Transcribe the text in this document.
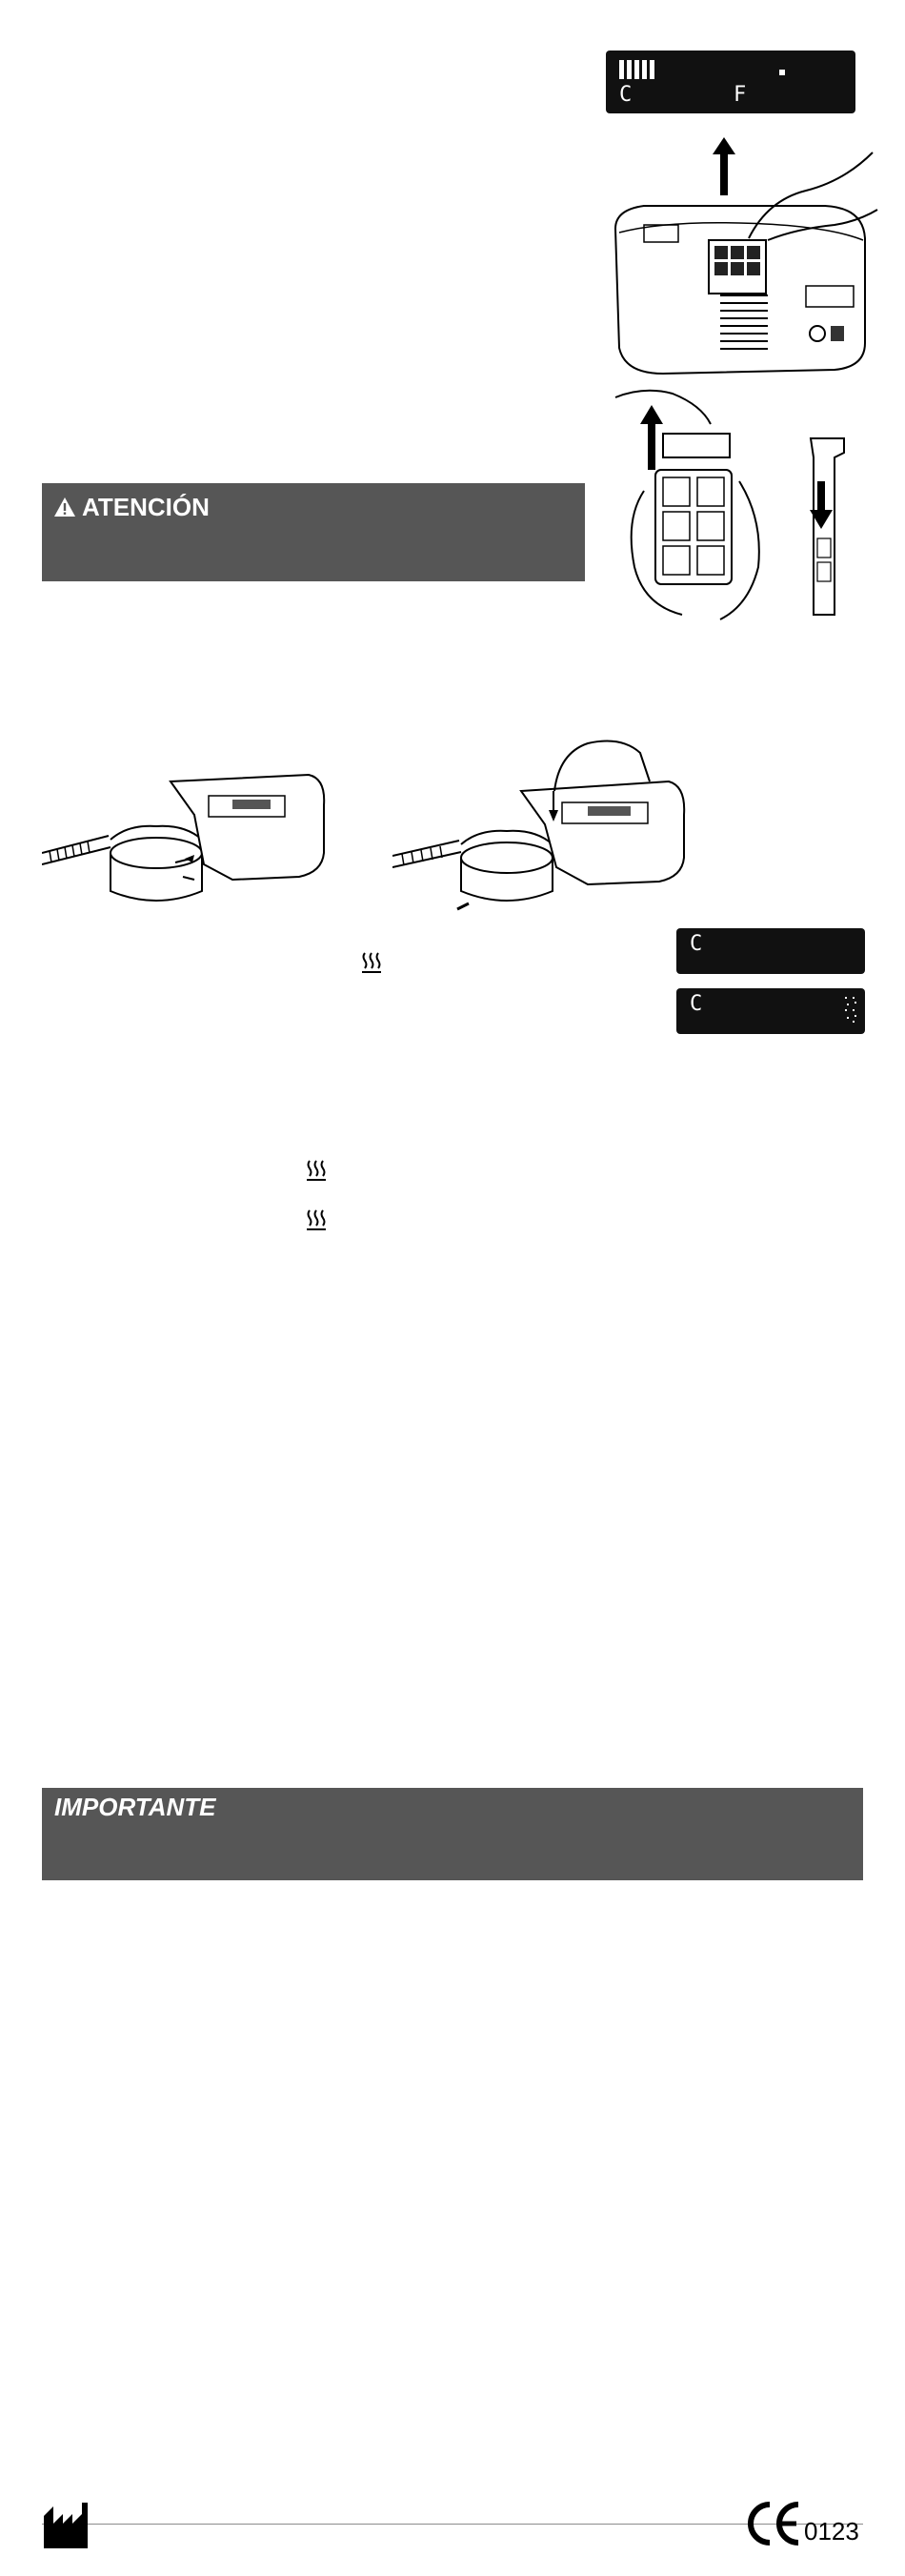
C	F
ATENCIÓN
C
C
IMPORTANTE
0123
